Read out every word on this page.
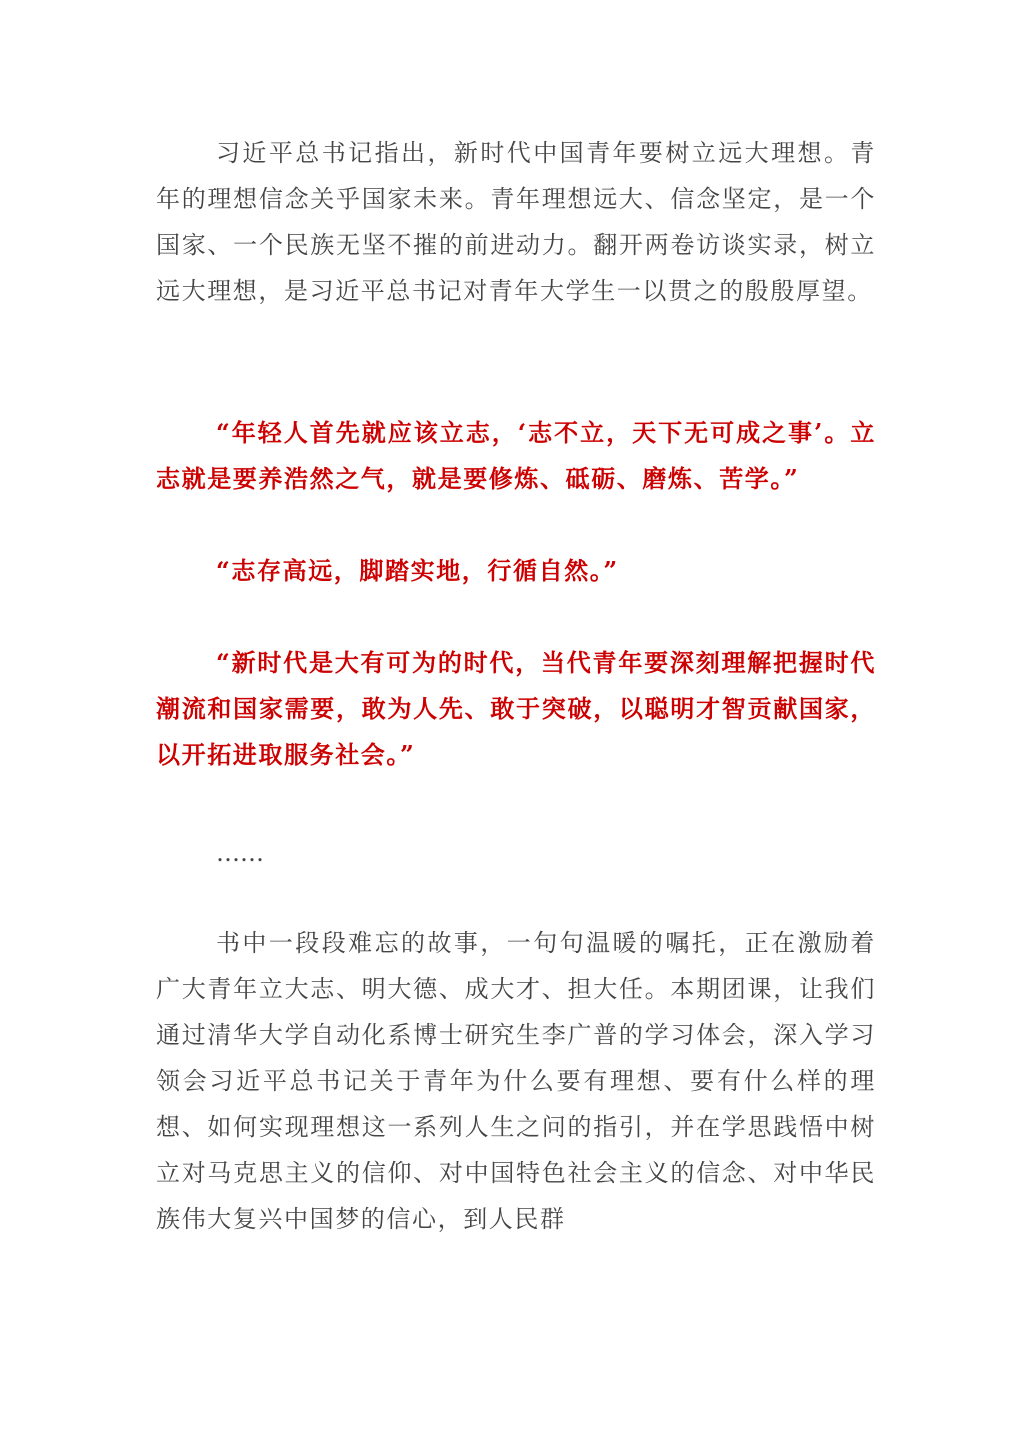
习近平总书记指出，新时代中国青年要树立远大理想。青年的理想信念关乎国家未来。青年理想远大、信念坚定，是一个国家、一个民族无坚不摧的前进动力。翻开两卷访谈实录，树立远大理想，是习近平总书记对青年大学生一以贯之的殷殷厚望。

“年轻人首先就应该立志，‘志不立，天下无可成之事’。立志就是要养浩然之气，就是要修炼、砥砺、磨炼、苦学。”

“志存高远，脚踏实地，行循自然。”

“新时代是大有可为的时代，当代青年要深刻理解把握时代潮流和国家需要，敢为人先、敢于突破，以聪明才智贡献国家，以开拓进取服务社会。”

……

书中一段段难忘的故事，一句句温暖的嘱托，正在激励着广大青年立大志、明大德、成大才、担大任。本期团课，让我们通过清华大学自动化系博士研究生李广普的学习体会，深入学习领会习近平总书记关于青年为什么要有理想、要有什么样的理想、如何实现理想这一系列人生之问的指引，并在学思践悟中树立对马克思主义的信仰、对中国特色社会主义的信念、对中华民族伟大复兴中国梦的信心，到人民群
